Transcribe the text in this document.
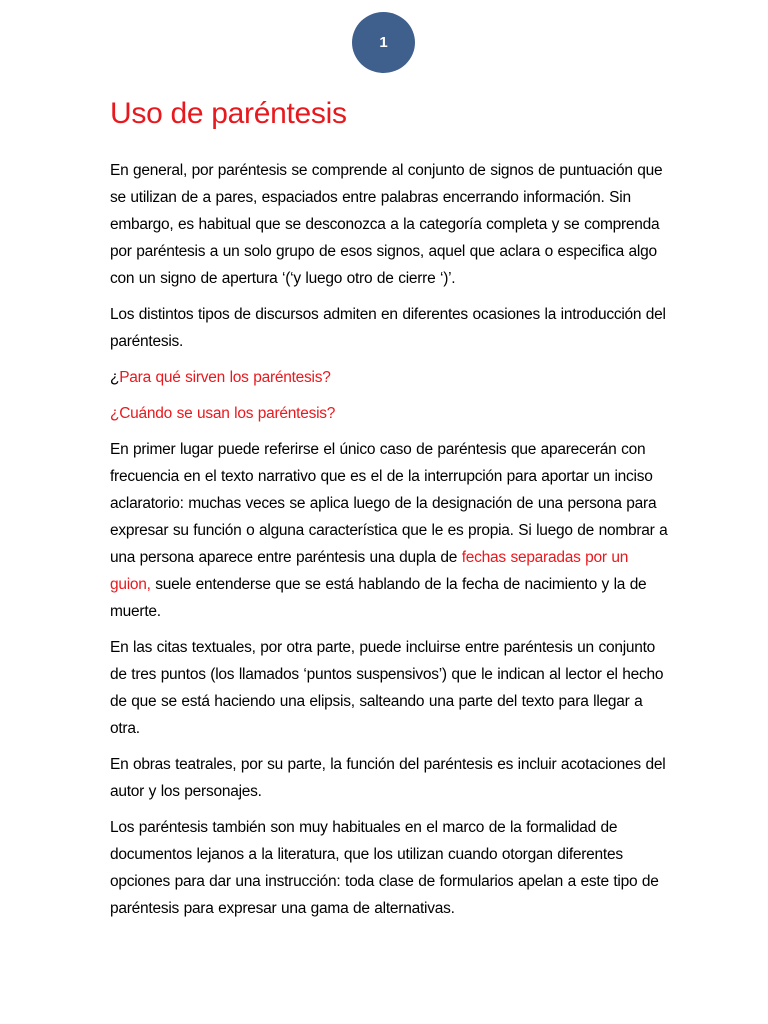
1
Uso de paréntesis

En general, por paréntesis se comprende al conjunto de signos de puntuación que se utilizan de a pares, espaciados entre palabras encerrando información. Sin embargo, es habitual que se desconozca a la categoría completa y se comprenda por paréntesis a un solo grupo de esos signos, aquel que aclara o especifica algo con un signo de apertura ‘(‘y luego otro de cierre ‘)’.

Los distintos tipos de discursos admiten en diferentes ocasiones la introducción del paréntesis.

¿Para qué sirven los paréntesis?

¿Cuándo se usan los paréntesis?

En primer lugar puede referirse el único caso de paréntesis que aparecerán con frecuencia en el texto narrativo que es el de la interrupción para aportar un inciso aclaratorio: muchas veces se aplica luego de la designación de una persona para expresar su función o alguna característica que le es propia. Si luego de nombrar a una persona aparece entre paréntesis una dupla de fechas separadas por un guion, suele entenderse que se está hablando de la fecha de nacimiento y la de muerte.

En las citas textuales, por otra parte, puede incluirse entre paréntesis un conjunto de tres puntos (los llamados ‘puntos suspensivos’) que le indican al lector el hecho de que se está haciendo una elipsis, salteando una parte del texto para llegar a otra.

En obras teatrales, por su parte, la función del paréntesis es incluir acotaciones del autor y los personajes.

Los paréntesis también son muy habituales en el marco de la formalidad de documentos lejanos a la literatura, que los utilizan cuando otorgan diferentes opciones para dar una instrucción: toda clase de formularios apelan a este tipo de paréntesis para expresar una gama de alternativas.
